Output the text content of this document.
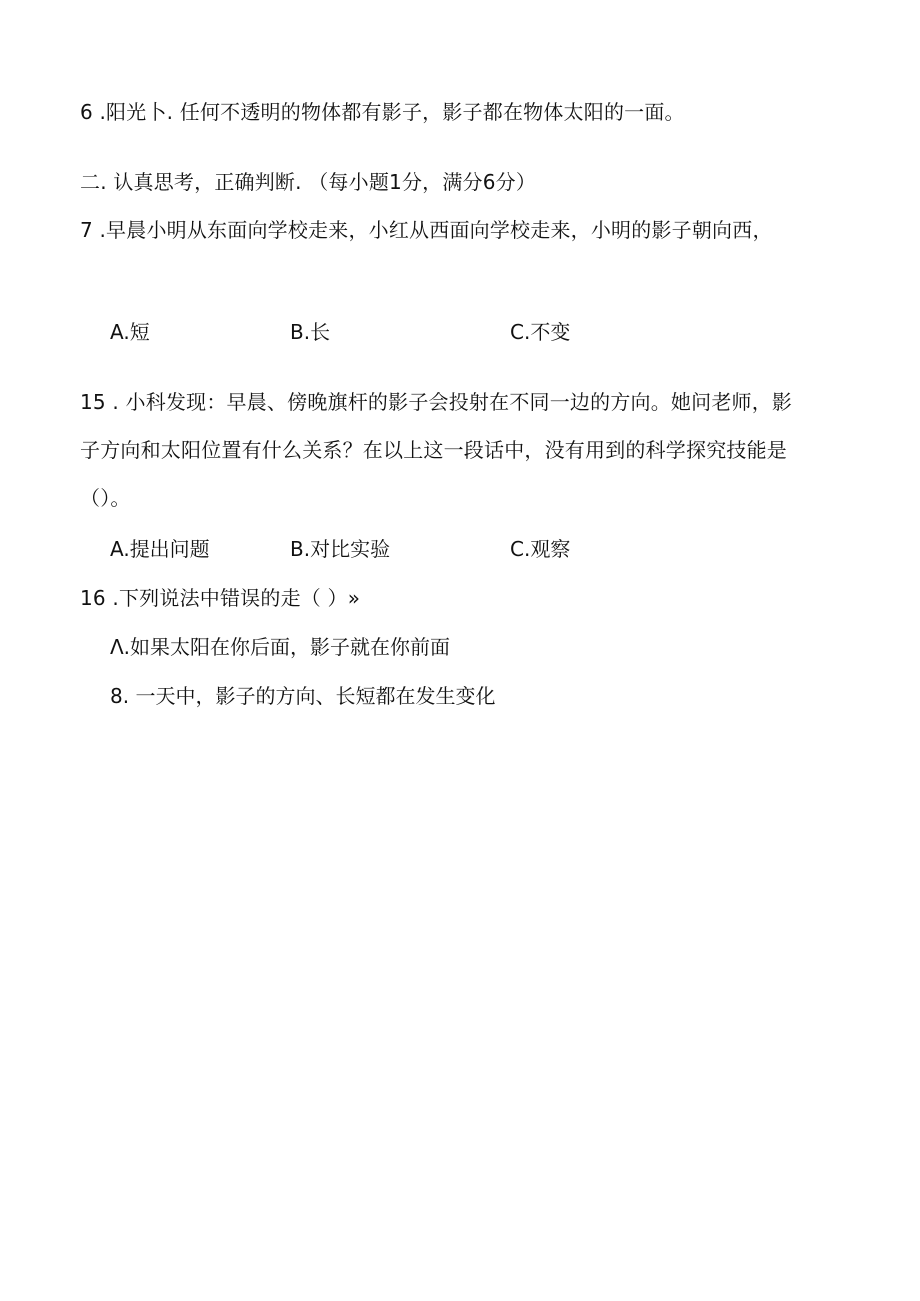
6 .阳光卜. 任何不透明的物体都有影子，影子都在物体太阳的一面。
二. 认真思考，正确判断. （每小题1分，满分6分）
7 .早晨小明从东面向学校走来，小红从西面向学校走来，小明的影子朝向西，
A.短	B.长	C.不变
15 . 小科发现：早晨、傍晚旗杆的影子会投射在不同一边的方向。她问老师，影
子方向和太阳位置有什么关系？在以上这一段话中，没有用到的科学探究技能是
（）。
A.提出问题	B.对比实验	C.观察
16 .下列说法中错误的走（ ）»
Λ.如果太阳在你后面，影子就在你前面
8. 一天中，影子的方向、长短都在发生变化
